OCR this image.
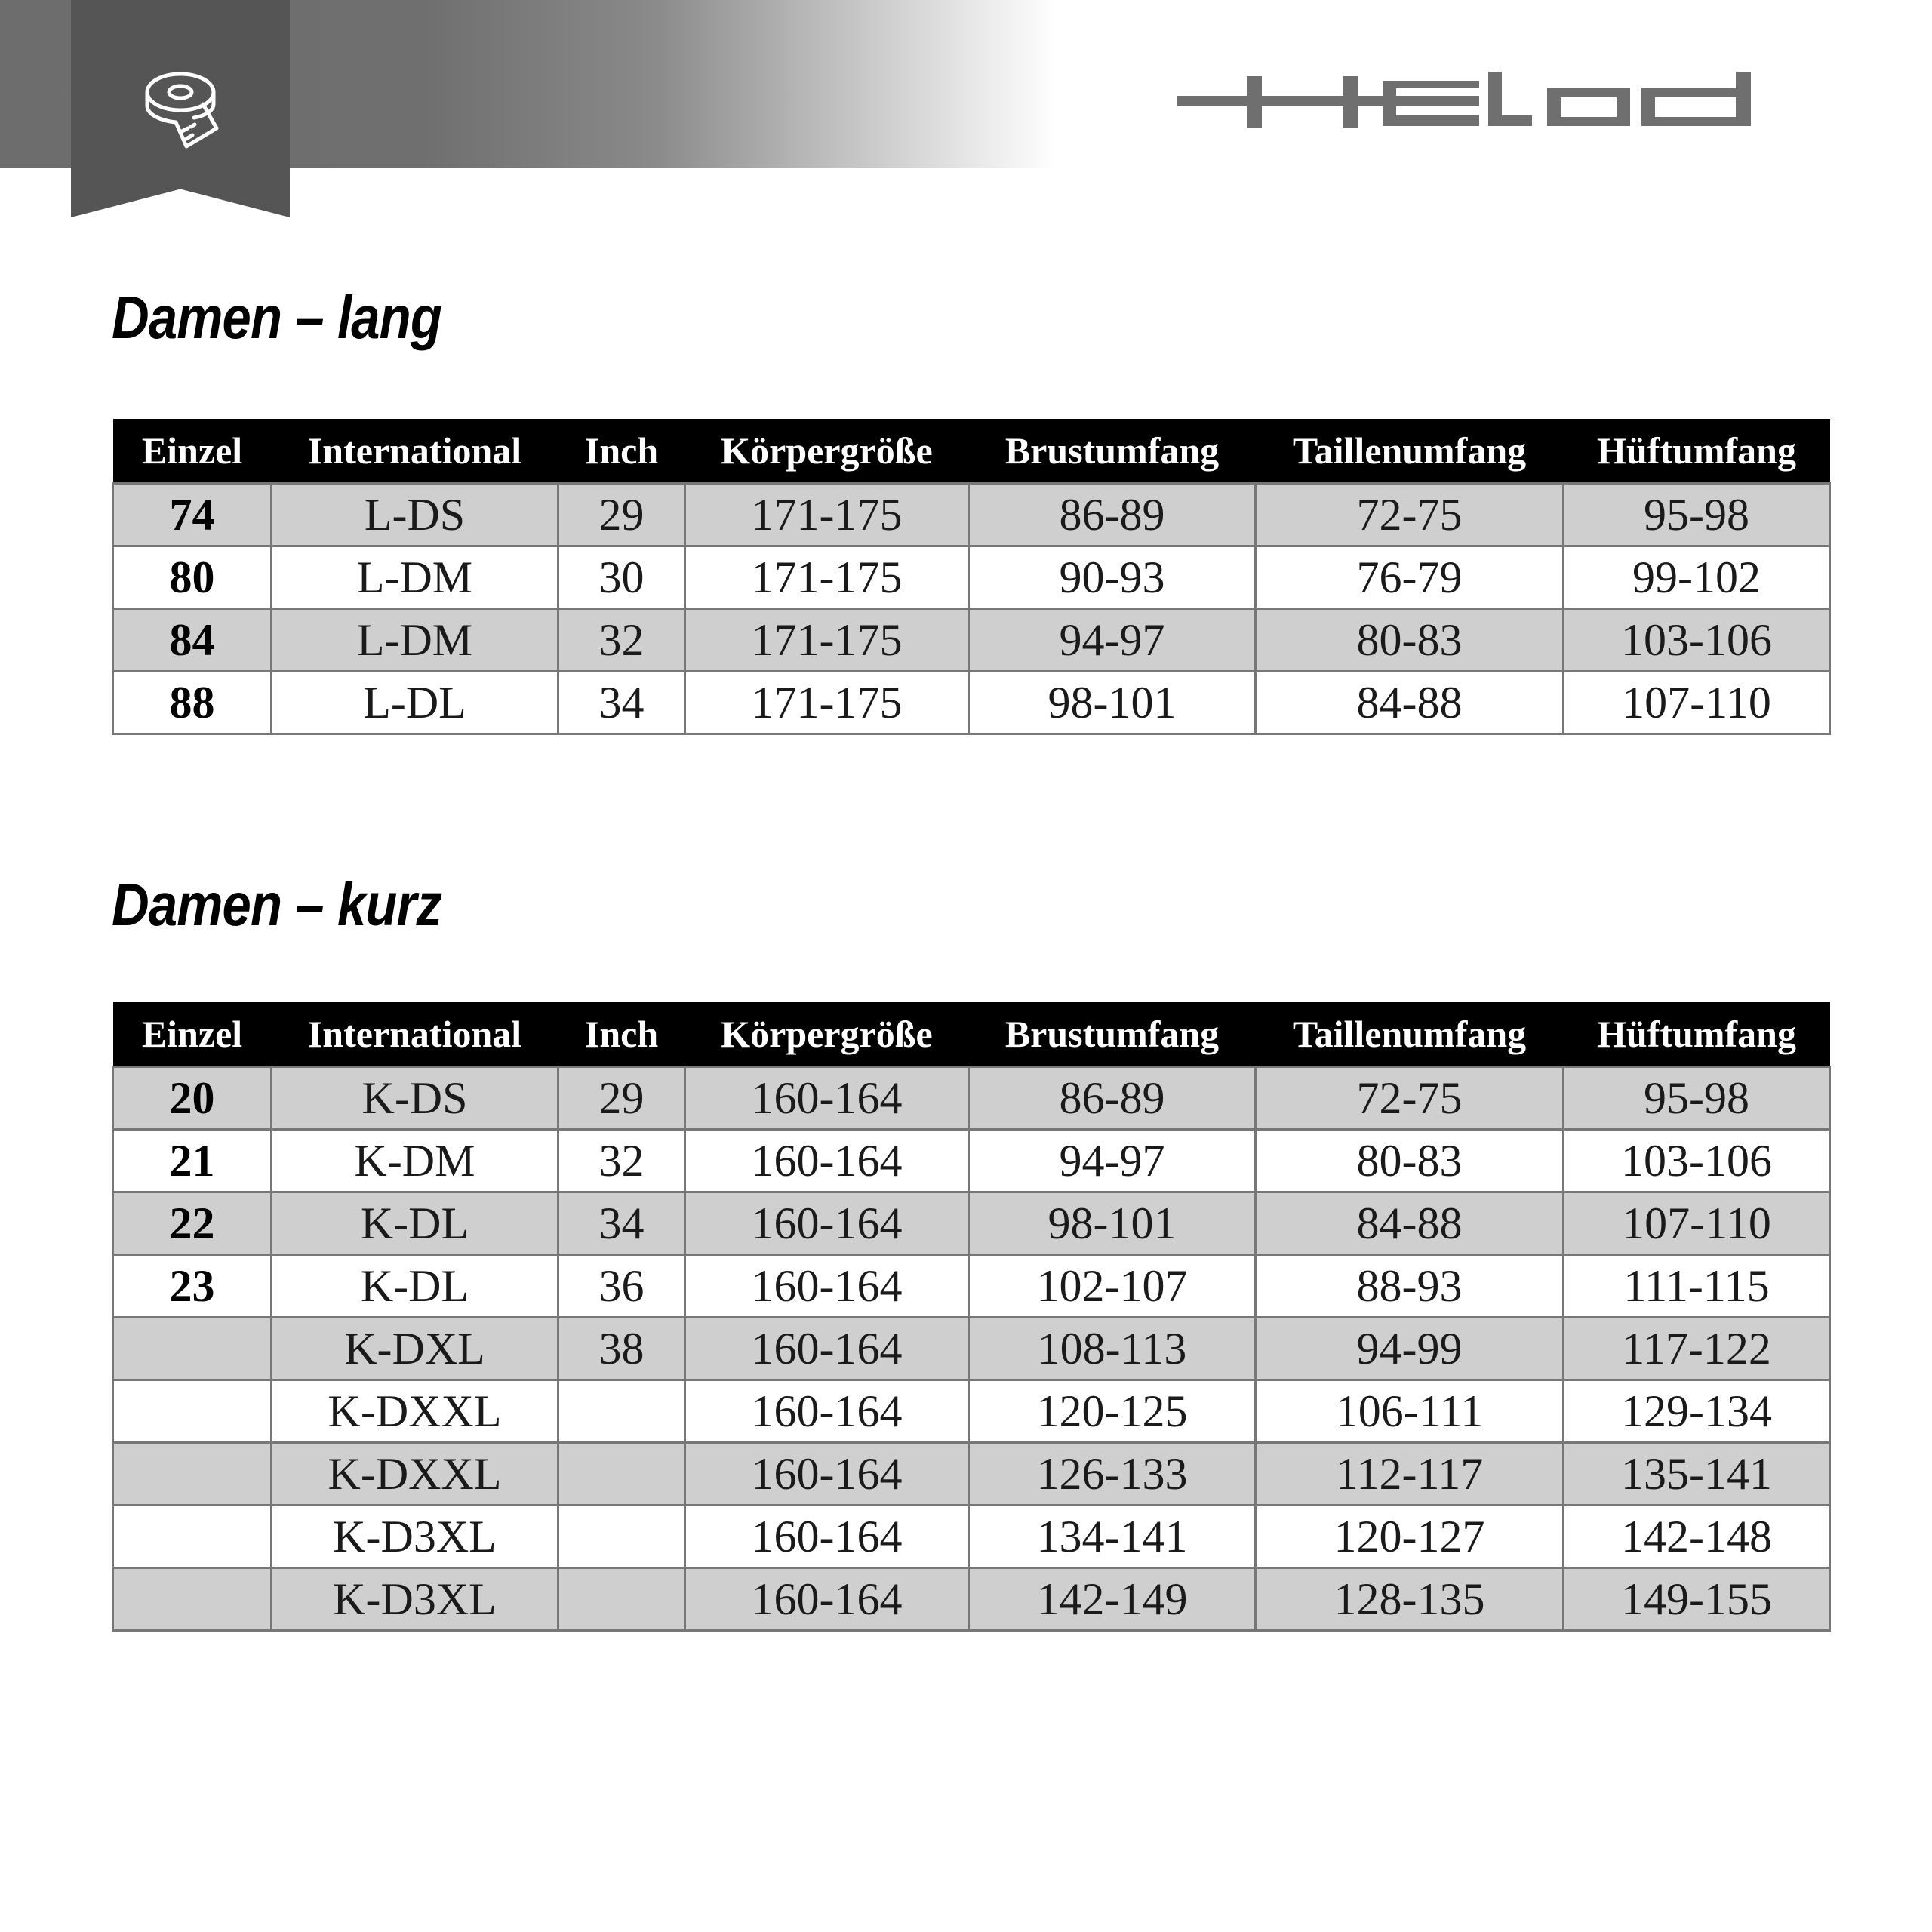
Damen – lang
Einzel	International	Inch	Körpergröße	Brustumfang	Taillenumfang	Hüftumfang
74	L-DS	29	171-175	86-89	72-75	95-98
80	L-DM	30	171-175	90-93	76-79	99-102
84	L-DM	32	171-175	94-97	80-83	103-106
88	L-DL	34	171-175	98-101	84-88	107-110
Damen – kurz
Einzel	International	Inch	Körpergröße	Brustumfang	Taillenumfang	Hüftumfang
20	K-DS	29	160-164	86-89	72-75	95-98
21	K-DM	32	160-164	94-97	80-83	103-106
22	K-DL	34	160-164	98-101	84-88	107-110
23	K-DL	36	160-164	102-107	88-93	111-115
	K-DXL	38	160-164	108-113	94-99	117-122
	K-DXXL		160-164	120-125	106-111	129-134
	K-DXXL		160-164	126-133	112-117	135-141
	K-D3XL		160-164	134-141	120-127	142-148
	K-D3XL		160-164	142-149	128-135	149-155
